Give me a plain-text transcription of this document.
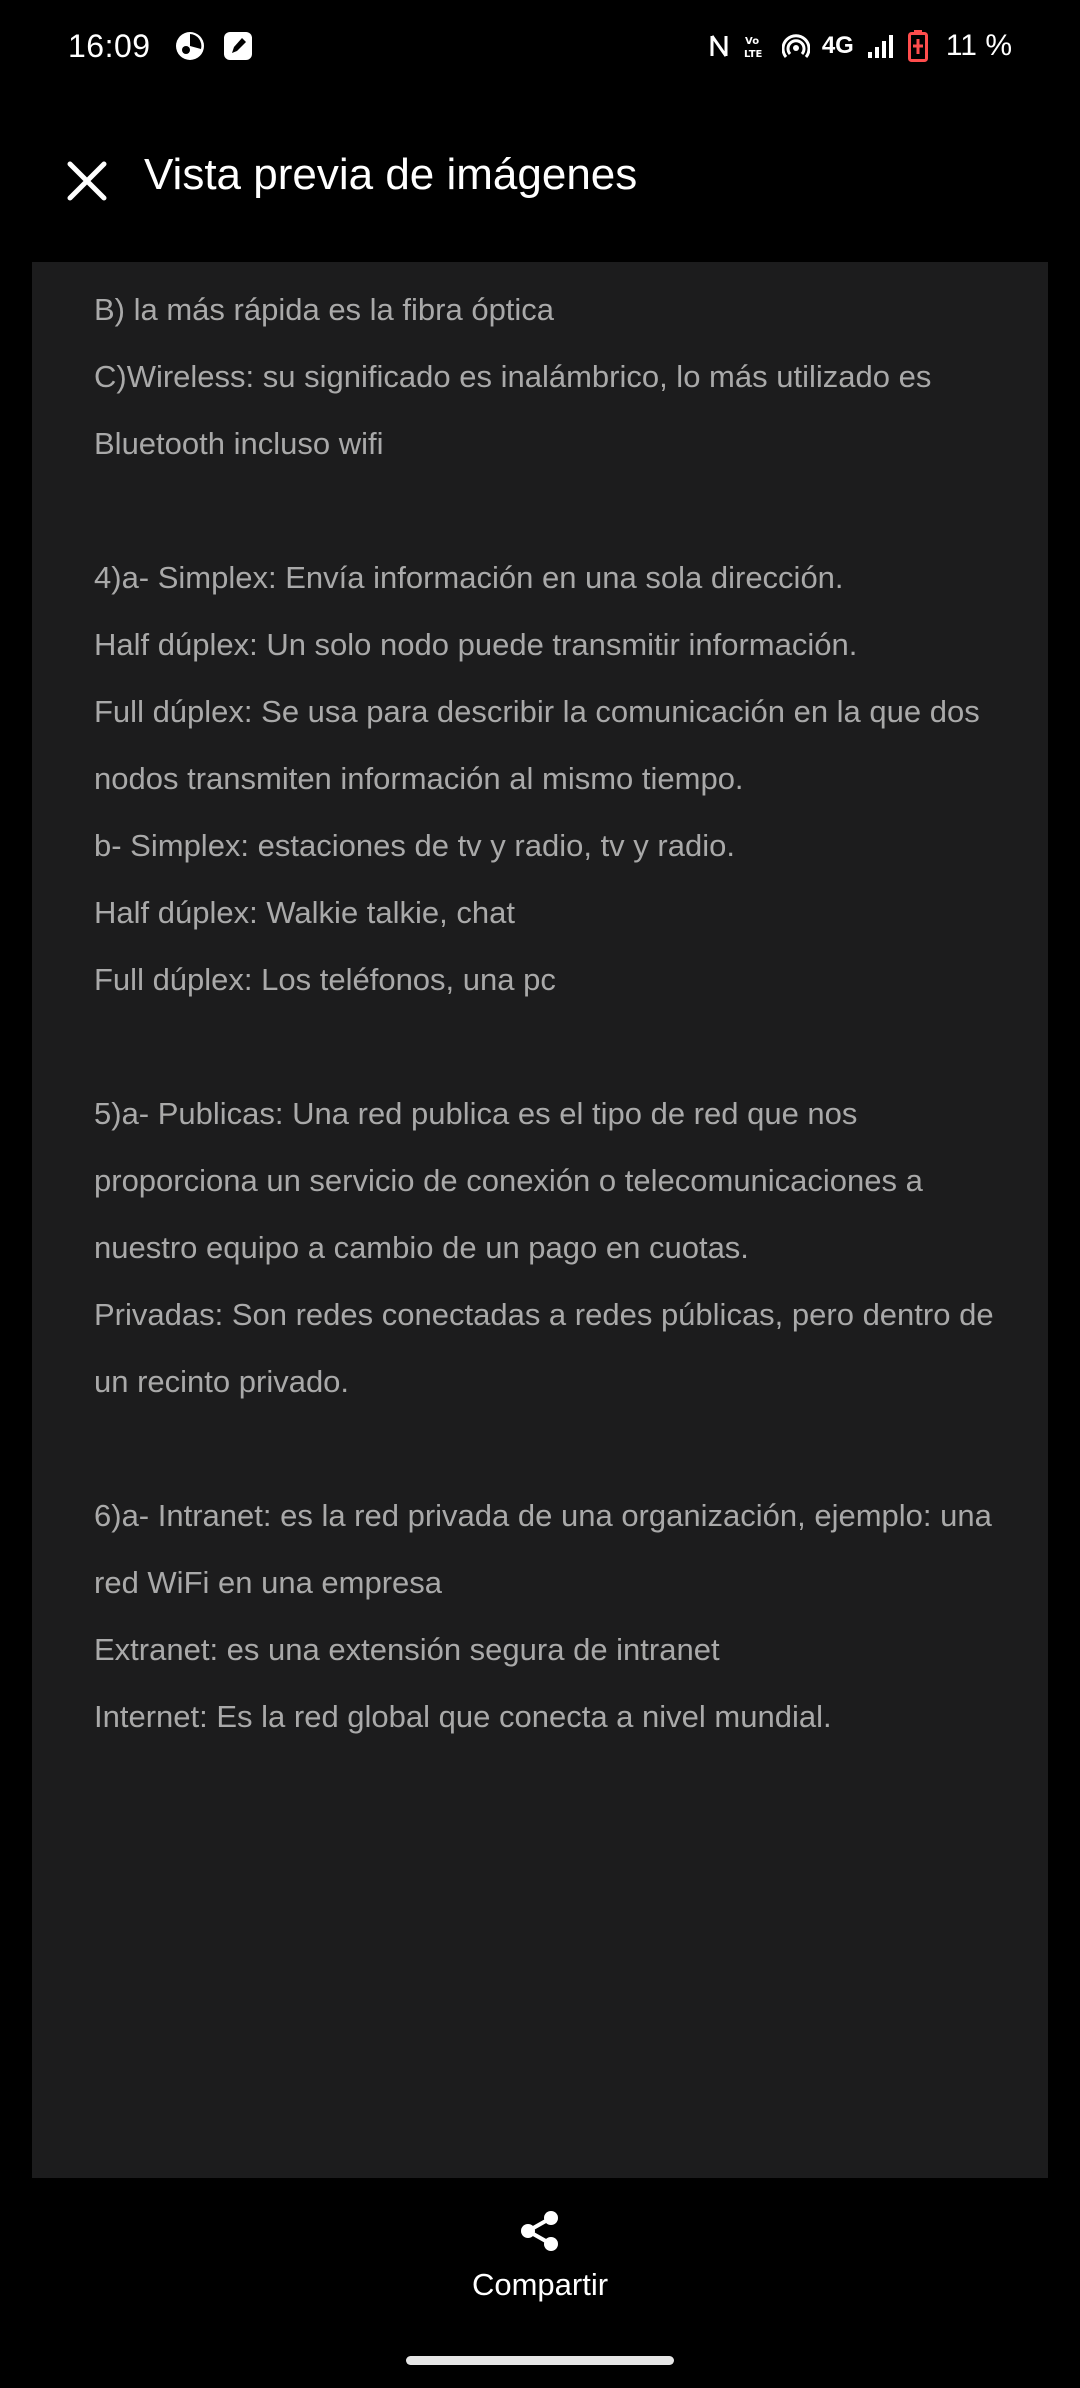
16:09	Vo
LTE 4G	11 %
Vista previa de imágenes
B) la más rápida es la fibra óptica
C)Wireless: su significado es inalámbrico, lo más utilizado es
Bluetooth incluso wifi
4)a- Simplex: Envía información en una sola dirección.
Half dúplex: Un solo nodo puede transmitir información.
Full dúplex: Se usa para describir la comunicación en la que dos
nodos transmiten información al mismo tiempo.
b- Simplex: estaciones de tv y radio, tv y radio.
Half dúplex: Walkie talkie, chat
Full dúplex: Los teléfonos, una pc
5)a- Publicas: Una red publica es el tipo de red que nos
proporciona un servicio de conexión o telecomunicaciones a
nuestro equipo a cambio de un pago en cuotas.
Privadas: Son redes conectadas a redes públicas, pero dentro de
un recinto privado.
6)a- Intranet: es la red privada de una organización, ejemplo: una
red WiFi en una empresa
Extranet: es una extensión segura de intranet
Internet: Es la red global que conecta a nivel mundial.
Compartir
